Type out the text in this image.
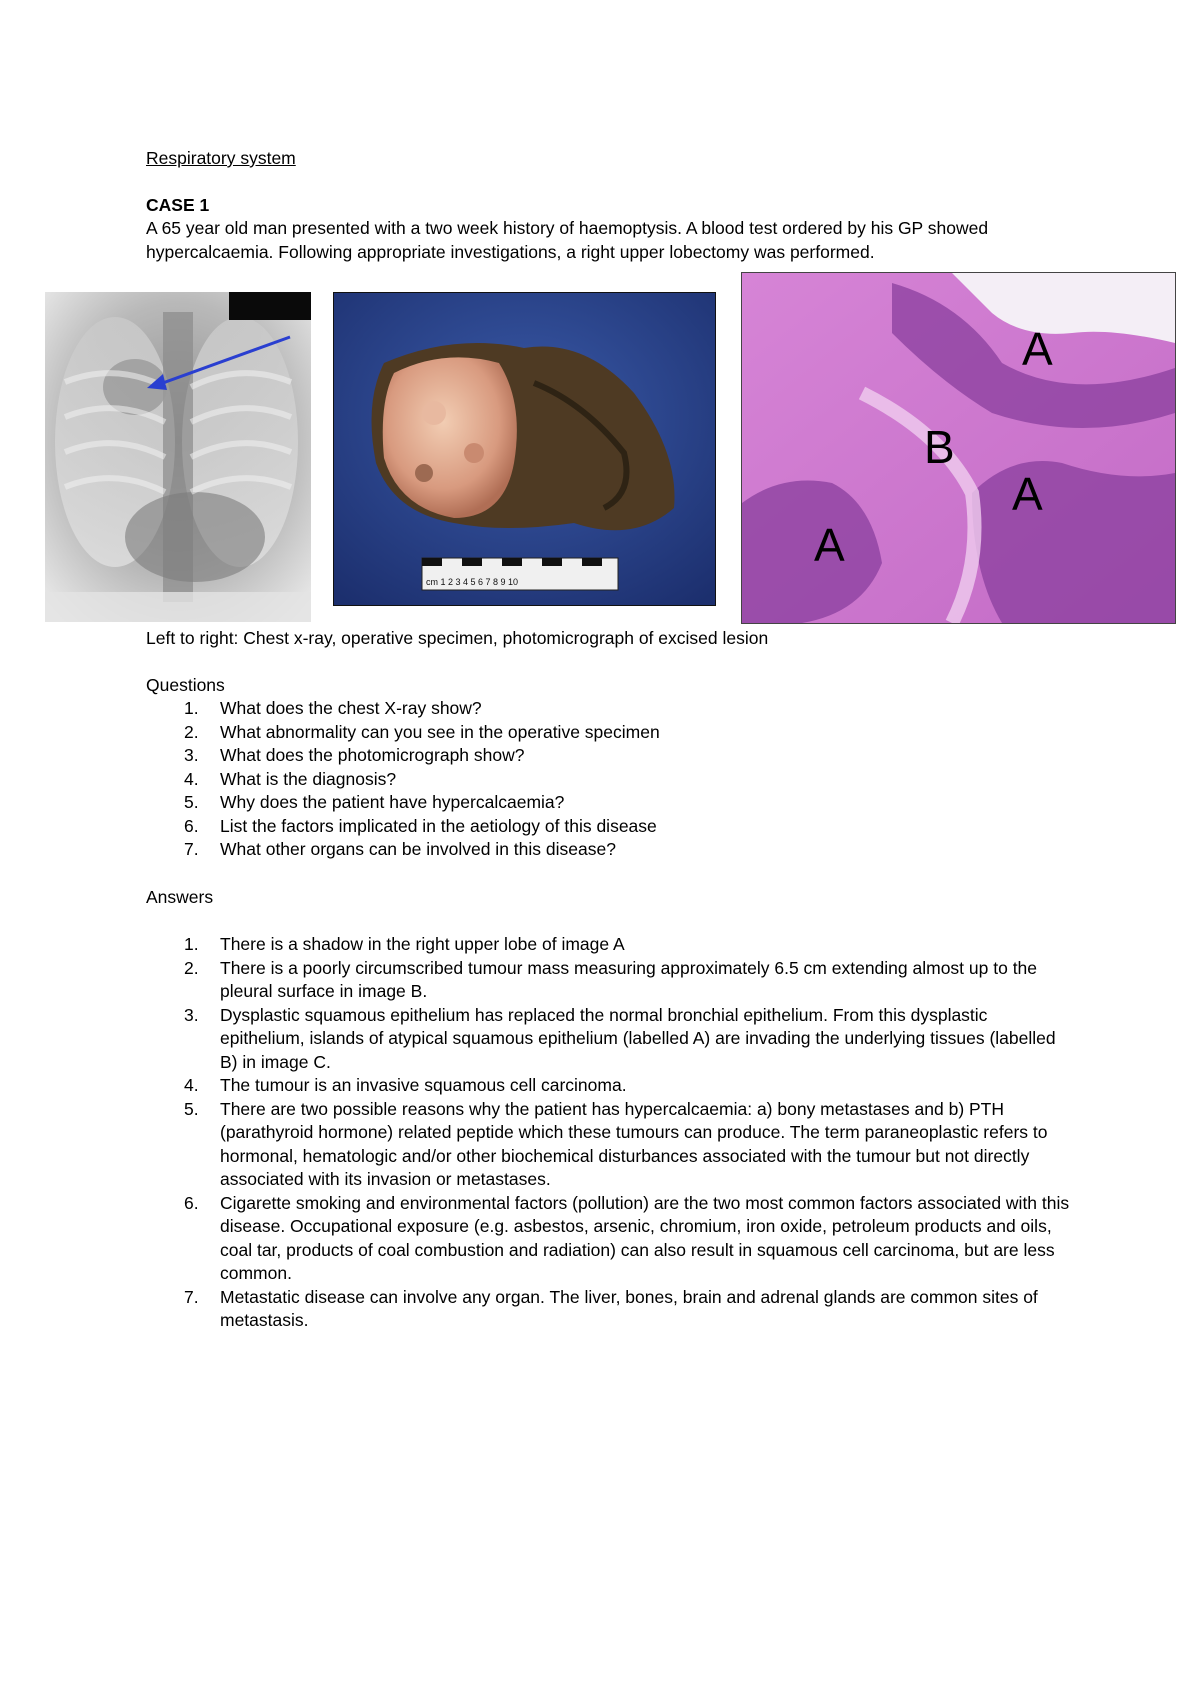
Respiratory system
CASE 1
A 65 year old man presented with a two week history of haemoptysis. A blood test ordered by his GP showed hypercalcaemia. Following appropriate investigations, a right upper lobectomy was performed.
cm 1 2 3 4 5 6 7 8 9 10
A
B
A
A
Left to right: Chest x-ray, operative specimen, photomicrograph of excised lesion
Questions
1.	What does the chest X-ray show?
2.	What abnormality can you see in the operative specimen
3.	What does the photomicrograph show?
4.	What is the diagnosis?
5.	Why does the patient have hypercalcaemia?
6.	List the factors implicated in the aetiology of this disease
7.	What other organs can be involved in this disease?
Answers
1.	There is a shadow in the right upper lobe of image A
2.	There is a poorly circumscribed tumour mass measuring approximately 6.5 cm extending almost up to the pleural surface in image B.
3.	Dysplastic squamous epithelium has replaced the normal bronchial epithelium. From this dysplastic epithelium, islands of atypical squamous epithelium (labelled A) are invading the underlying tissues (labelled B) in image C.
4.	The tumour is an invasive squamous cell carcinoma.
5.	There are two possible reasons why the patient has hypercalcaemia: a) bony metastases and b) PTH (parathyroid hormone) related peptide which these tumours can produce. The term paraneoplastic refers to hormonal, hematologic and/or other biochemical disturbances associated with the tumour but not directly associated with its invasion or metastases.
6.	Cigarette smoking and environmental factors (pollution) are the two most common factors associated with this disease. Occupational exposure (e.g. asbestos, arsenic, chromium, iron oxide, petroleum products and oils, coal tar, products of coal combustion and radiation) can also result in squamous cell carcinoma, but are less common.
7.	Metastatic disease can involve any organ. The liver, bones, brain and adrenal glands are common sites of metastasis.
